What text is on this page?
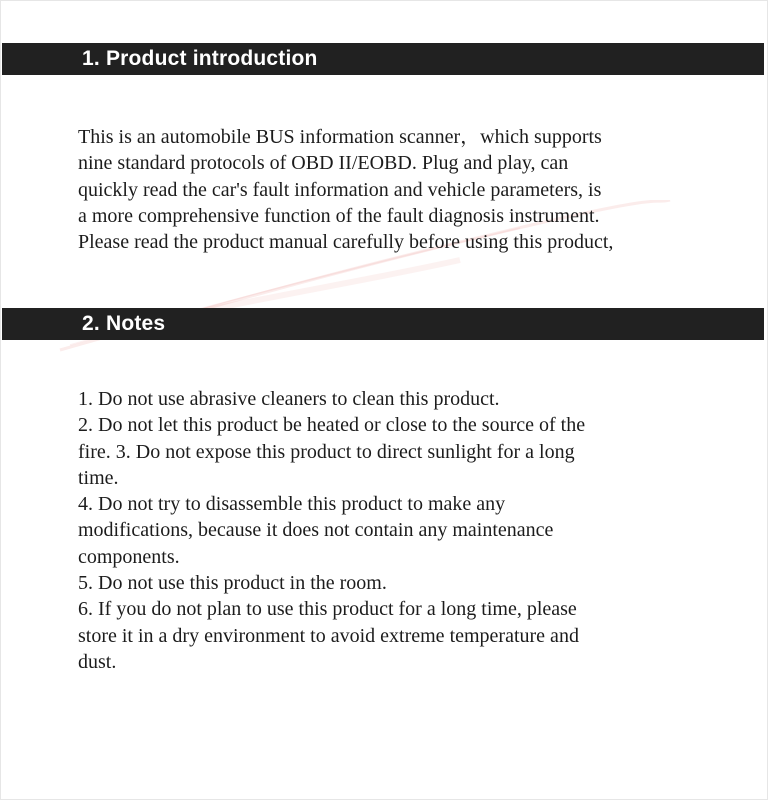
1. Product introduction
This is an automobile BUS information scanner，which supports
nine standard protocols of OBD II/EOBD. Plug and play, can
quickly read the car's fault information and vehicle parameters, is
a more comprehensive function of the fault diagnosis instrument.
Please read the product manual carefully before using this product,
2. Notes
1. Do not use abrasive cleaners to clean this product.
2. Do not let this product be heated or close to the source of the
fire. 3. Do not expose this product to direct sunlight for a long
time.
4. Do not try to disassemble this product to make any
modifications, because it does not contain any maintenance
components.
5. Do not use this product in the room.
6. If you do not plan to use this product for a long time, please
store it in a dry environment to avoid extreme temperature and
dust.
